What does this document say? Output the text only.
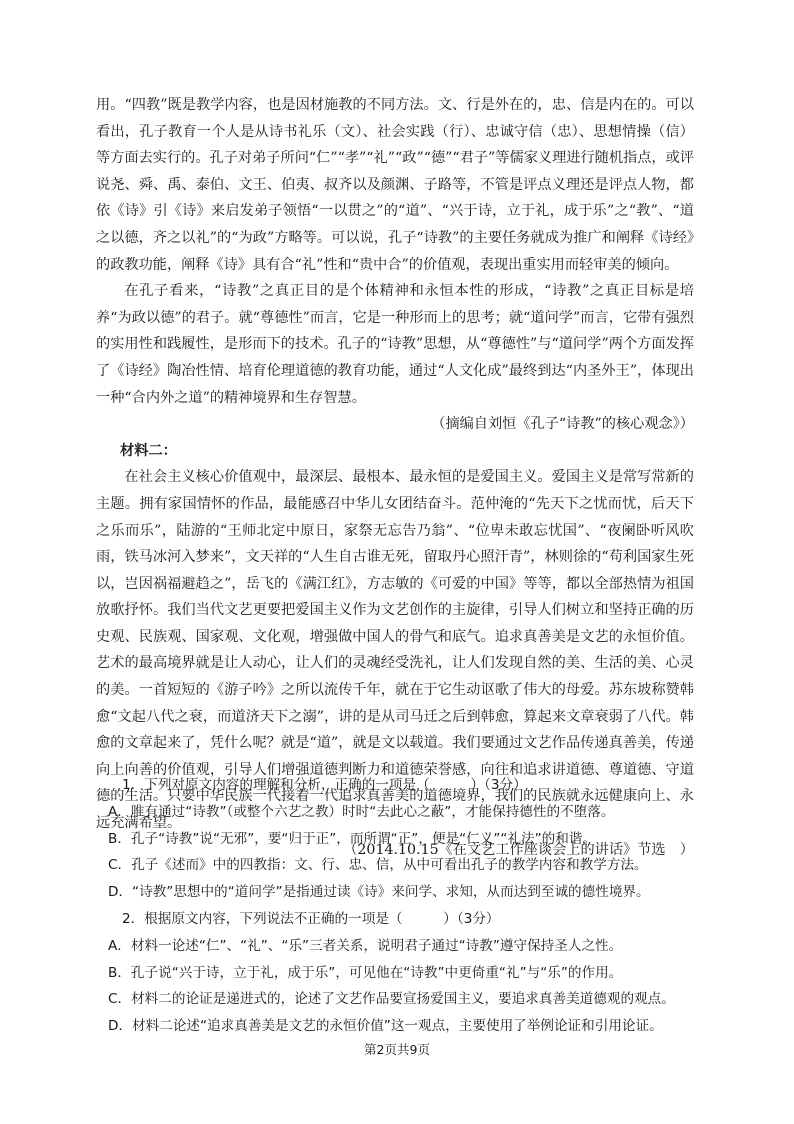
用。“四教”既是教学内容，也是因材施教的不同方法。文、行是外在的，忠、信是内在的。可以看出，孔子教育一个人是从诗书礼乐（文）、社会实践（行）、忠诚守信（忠）、思想情操（信）等方面去实行的。孔子对弟子所问“仁”“孝”“礼”“政”“德”“君子”等儒家义理进行随机指点，或评说尧、舜、禹、泰伯、文王、伯夷、叔齐以及颜渊、子路等，不管是评点义理还是评点人物，都依《诗》引《诗》来启发弟子领悟“一以贯之”的“道”、“兴于诗，立于礼，成于乐”之“教”、“道之以德，齐之以礼”的“为政”方略等。可以说，孔子“诗教”的主要任务就成为推广和阐释《诗经》的政教功能，阐释《诗》具有合“礼”性和“贵中合”的价值观，表现出重实用而轻审美的倾向。

在孔子看来，“诗教”之真正目的是个体精神和永恒本性的形成，“诗教”之真正目标是培养“为政以德”的君子。就“尊德性”而言，它是一种形而上的思考；就“道问学”而言，它带有强烈的实用性和践履性，是形而下的技术。孔子的“诗教”思想，从“尊德性”与“道问学”两个方面发挥了《诗经》陶冶性情、培育伦理道德的教育功能，通过“人文化成”最终到达“内圣外王”，体现出一种“合内外之道”的精神境界和生存智慧。

（摘编自刘恒《孔子“诗教”的核心观念》）

材料二：

在社会主义核心价值观中，最深层、最根本、最永恒的是爱国主义。爱国主义是常写常新的主题。拥有家国情怀的作品，最能感召中华儿女团结奋斗。范仲淹的“先天下之忧而忧，后天下之乐而乐”，陆游的“王师北定中原日，家祭无忘告乃翁”、“位卑未敢忘忧国”、“夜阑卧听风吹雨，铁马冰河入梦来”，文天祥的“人生自古谁无死，留取丹心照汗青”，林则徐的“苟利国家生死以，岂因祸福避趋之”，岳飞的《满江红》，方志敏的《可爱的中国》等等，都以全部热情为祖国放歌抒怀。我们当代文艺更要把爱国主义作为文艺创作的主旋律，引导人们树立和坚持正确的历史观、民族观、国家观、文化观，增强做中国人的骨气和底气。追求真善美是文艺的永恒价值。艺术的最高境界就是让人动心，让人们的灵魂经受洗礼，让人们发现自然的美、生活的美、心灵的美。一首短短的《游子吟》之所以流传千年，就在于它生动讴歌了伟大的母爱。苏东坡称赞韩愈“文起八代之衰，而道济天下之溺”，讲的是从司马迁之后到韩愈，算起来文章衰弱了八代。韩愈的文章起来了，凭什么呢？就是“道”，就是文以载道。我们要通过文艺作品传递真善美，传递向上向善的价值观，引导人们增强道德判断力和道德荣誉感，向往和追求讲道德、尊道德、守道德的生活。只要中华民族一代接着一代追求真善美的道德境界，我们的民族就永远健康向上、永远充满希望。

（2014.10.15《在文艺工作座谈会上的讲话》节选　）

1．下列对原文内容的理解和分析，正确的一项是（　　　）（3分）

A．唯有通过“诗教”（或整个六艺之教）时时“去此心之蔽”，才能保持德性的不堕落。

B．孔子“诗教”说“无邪”，要“归于正”，而所谓“正”，便是“仁义”“礼法”的和谐。

C．孔子《述而》中的四教指：文、行、忠、信，从中可看出孔子的教学内容和教学方法。

D．“诗教”思想中的“道问学”是指通过读《诗》来问学、求知，从而达到至诚的德性境界。

2．根据原文内容，下列说法不正确的一项是（　　　）（3分）

A．材料一论述“仁”、“礼”、“乐”三者关系，说明君子通过“诗教”遵守保持圣人之性。

B．孔子说“兴于诗，立于礼，成于乐”，可见他在“诗教”中更倚重“礼”与“乐”的作用。

C．材料二的论证是递进式的，论述了文艺作品要宣扬爱国主义，要追求真善美道德观的观点。

D．材料二论述“追求真善美是文艺的永恒价值”这一观点，主要使用了举例论证和引用论证。

第2页共9页
